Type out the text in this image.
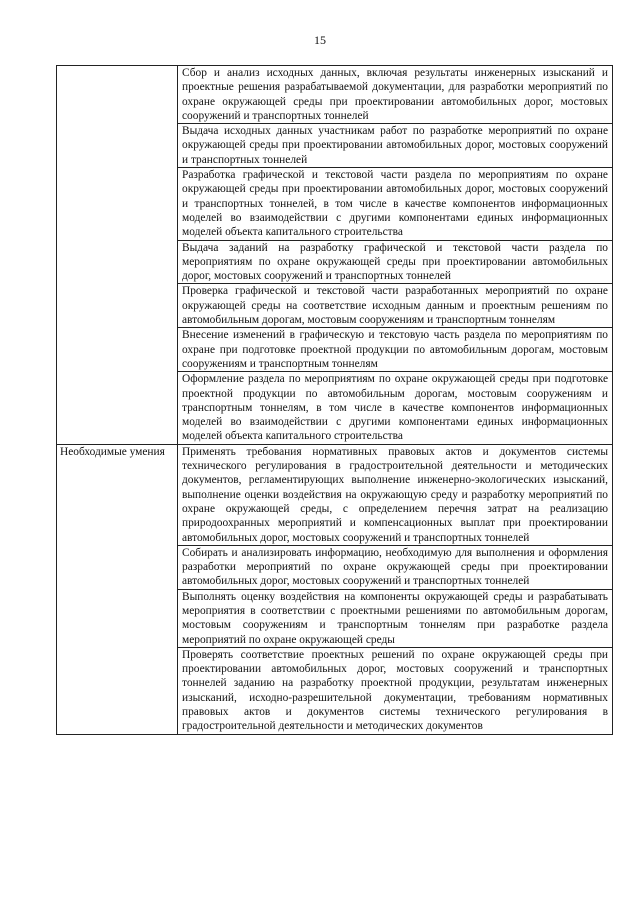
15
	Сбор и анализ исходных данных, включая результаты инженерных изысканий и проектные решения разрабатываемой документации, для разработки мероприятий по охране окружающей среды при проектировании автомобильных дорог, мостовых сооружений и транспортных тоннелей
	Выдача исходных данных участникам работ по разработке мероприятий по охране окружающей среды при проектировании автомобильных дорог, мостовых сооружений и транспортных тоннелей
	Разработка графической и текстовой части раздела по мероприятиям по охране окружающей среды при проектировании автомобильных дорог, мостовых сооружений и транспортных тоннелей, в том числе в качестве компонентов информационных моделей во взаимодействии с другими компонентами единых информационных моделей объекта капитального строительства
	Выдача заданий на разработку графической и текстовой части раздела по мероприятиям по охране окружающей среды при проектировании автомобильных дорог, мостовых сооружений и транспортных тоннелей
	Проверка графической и текстовой части разработанных мероприятий по охране окружающей среды на соответствие исходным данным и проектным решениям по автомобильным дорогам, мостовым сооружениям и транспортным тоннелям
	Внесение изменений в графическую и текстовую часть раздела по мероприятиям по охране при подготовке проектной продукции по автомобильным дорогам, мостовым сооружениям и транспортным тоннелям
	Оформление раздела по мероприятиям по охране окружающей среды при подготовке проектной продукции по автомобильным дорогам, мостовым сооружениям и транспортным тоннелям, в том числе в качестве компонентов информационных моделей во взаимодействии с другими компонентами единых информационных моделей объекта капитального строительства
Необходимые умения	Применять требования нормативных правовых актов и документов системы технического регулирования в градостроительной деятельности и методических документов, регламентирующих выполнение инженерно-экологических изысканий, выполнение оценки воздействия на окружающую среду и разработку мероприятий по охране окружающей среды, с определением перечня затрат на реализацию природоохранных мероприятий и компенсационных выплат при проектировании автомобильных дорог, мостовых сооружений и транспортных тоннелей
	Собирать и анализировать информацию, необходимую для выполнения и оформления разработки мероприятий по охране окружающей среды при проектировании автомобильных дорог, мостовых сооружений и транспортных тоннелей
	Выполнять оценку воздействия на компоненты окружающей среды и разрабатывать мероприятия в соответствии с проектными решениями по автомобильным дорогам, мостовым сооружениям и транспортным тоннелям при разработке раздела мероприятий по охране окружающей среды
	Проверять соответствие проектных решений по охране окружающей среды при проектировании автомобильных дорог, мостовых сооружений и транспортных тоннелей заданию на разработку проектной продукции, результатам инженерных изысканий, исходно-разрешительной документации, требованиям нормативных правовых актов и документов системы технического регулирования в градостроительной деятельности и методических документов
